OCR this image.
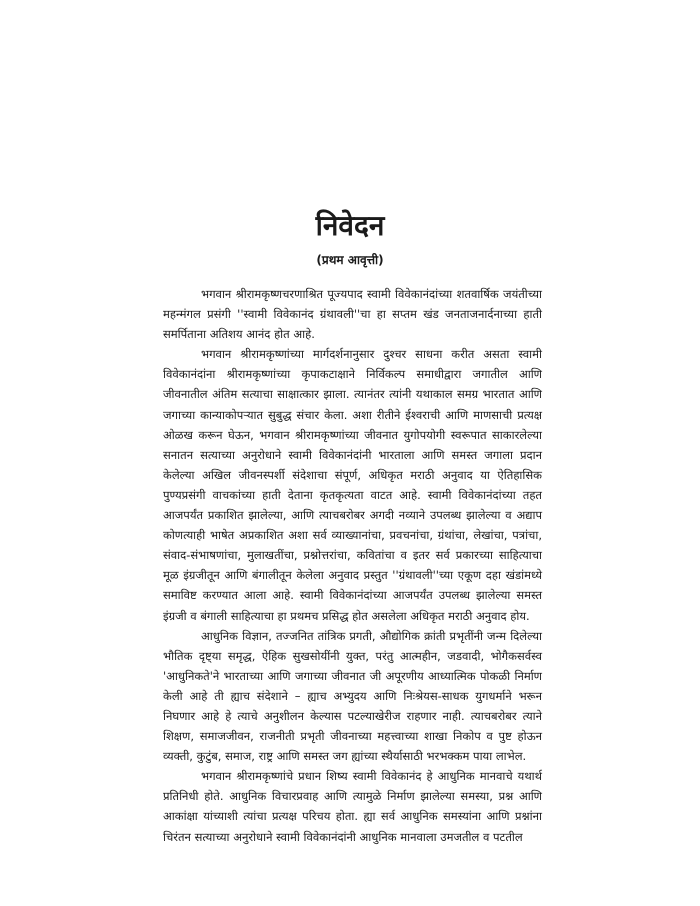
निवेदन
(प्रथम आवृत्ती)

भगवान श्रीरामकृष्णचरणाश्रित पूज्यपाद स्वामी विवेकानंदांच्या शतवार्षिक जयंतीच्या महन्मंगल प्रसंगी ''स्वामी विवेकानंद ग्रंथावली''चा हा सप्तम खंड जनताजनार्दनाच्या हाती समर्पिताना अतिशय आनंद होत आहे.

भगवान श्रीरामकृष्णांच्या मार्गदर्शनानुसार दुश्चर साधना करीत असता स्वामी विवेकानंदांना श्रीरामकृष्णांच्या कृपाकटाक्षाने निर्विकल्प समाधीद्वारा जगातील आणि जीवनातील अंतिम सत्याचा साक्षात्कार झाला. त्यानंतर त्यांनी यथाकाल समग्र भारतात आणि जगाच्या कान्याकोपऱ्यात सुबुद्ध संचार केला. अशा रीतीने ईश्वराची आणि माणसाची प्रत्यक्ष ओळख करून घेऊन, भगवान श्रीरामकृष्णांच्या जीवनात युगोपयोगी स्वरूपात साकारलेल्या सनातन सत्याच्या अनुरोधाने स्वामी विवेकानंदांनी भारताला आणि समस्त जगाला प्रदान केलेल्या अखिल जीवनस्पर्शी संदेशाचा संपूर्ण, अधिकृत मराठी अनुवाद या ऐतिहासिक पुण्यप्रसंगी वाचकांच्या हाती देताना कृतकृत्यता वाटत आहे. स्वामी विवेकानंदांच्या तहत आजपर्यंत प्रकाशित झालेल्या, आणि त्याचबरोबर अगदी नव्याने उपलब्ध झालेल्या व अद्याप कोणत्याही भाषेत अप्रकाशित अशा सर्व व्याख्यानांचा, प्रवचनांचा, ग्रंथांचा, लेखांचा, पत्रांचा, संवाद-संभाषणांचा, मुलाखतींचा, प्रश्नोत्तरांचा, कवितांचा व इतर सर्व प्रकारच्या साहित्याचा मूळ इंग्रजीतून आणि बंगालीतून केलेला अनुवाद प्रस्तुत ''ग्रंथावली''च्या एकूण दहा खंडांमध्ये समाविष्ट करण्यात आला आहे. स्वामी विवेकानंदांच्या आजपर्यंत उपलब्ध झालेल्या समस्त इंग्रजी व बंगाली साहित्याचा हा प्रथमच प्रसिद्ध होत असलेला अधिकृत मराठी अनुवाद होय.

आधुनिक विज्ञान, तज्जनित तांत्रिक प्रगती, औद्योगिक क्रांती प्रभृतींनी जन्म दिलेल्या भौतिक दृष्ट्या समृद्ध, ऐहिक सुखसोयींनी युक्त, परंतु आत्महीन, जडवादी, भोगैकसर्वस्व 'आधुनिकते'ने भारताच्या आणि जगाच्या जीवनात जी अपूरणीय आध्यात्मिक पोकळी निर्माण केली आहे ती ह्याच संदेशाने – ह्याच अभ्युदय आणि निःश्रेयस-साधक युगधर्माने भरून निघणार आहे हे त्याचे अनुशीलन केल्यास पटल्याखेरीज राहणार नाही. त्याचबरोबर त्याने शिक्षण, समाजजीवन, राजनीती प्रभृती जीवनाच्या महत्त्वाच्या शाखा निकोप व पुष्ट होऊन व्यक्ती, कुटुंब, समाज, राष्ट्र आणि समस्त जग ह्यांच्या स्थैर्यासाठी भरभक्कम पाया लाभेल.

भगवान श्रीरामकृष्णांचे प्रधान शिष्य स्वामी विवेकानंद हे आधुनिक मानवाचे यथार्थ प्रतिनिधी होते. आधुनिक विचारप्रवाह आणि त्यामुळे निर्माण झालेल्या समस्या, प्रश्न आणि आकांक्षा यांच्याशी त्यांचा प्रत्यक्ष परिचय होता. ह्या सर्व आधुनिक समस्यांना आणि प्रश्नांना चिरंतन सत्याच्या अनुरोधाने स्वामी विवेकानंदांनी आधुनिक मानवाला उमजतील व पटतील
